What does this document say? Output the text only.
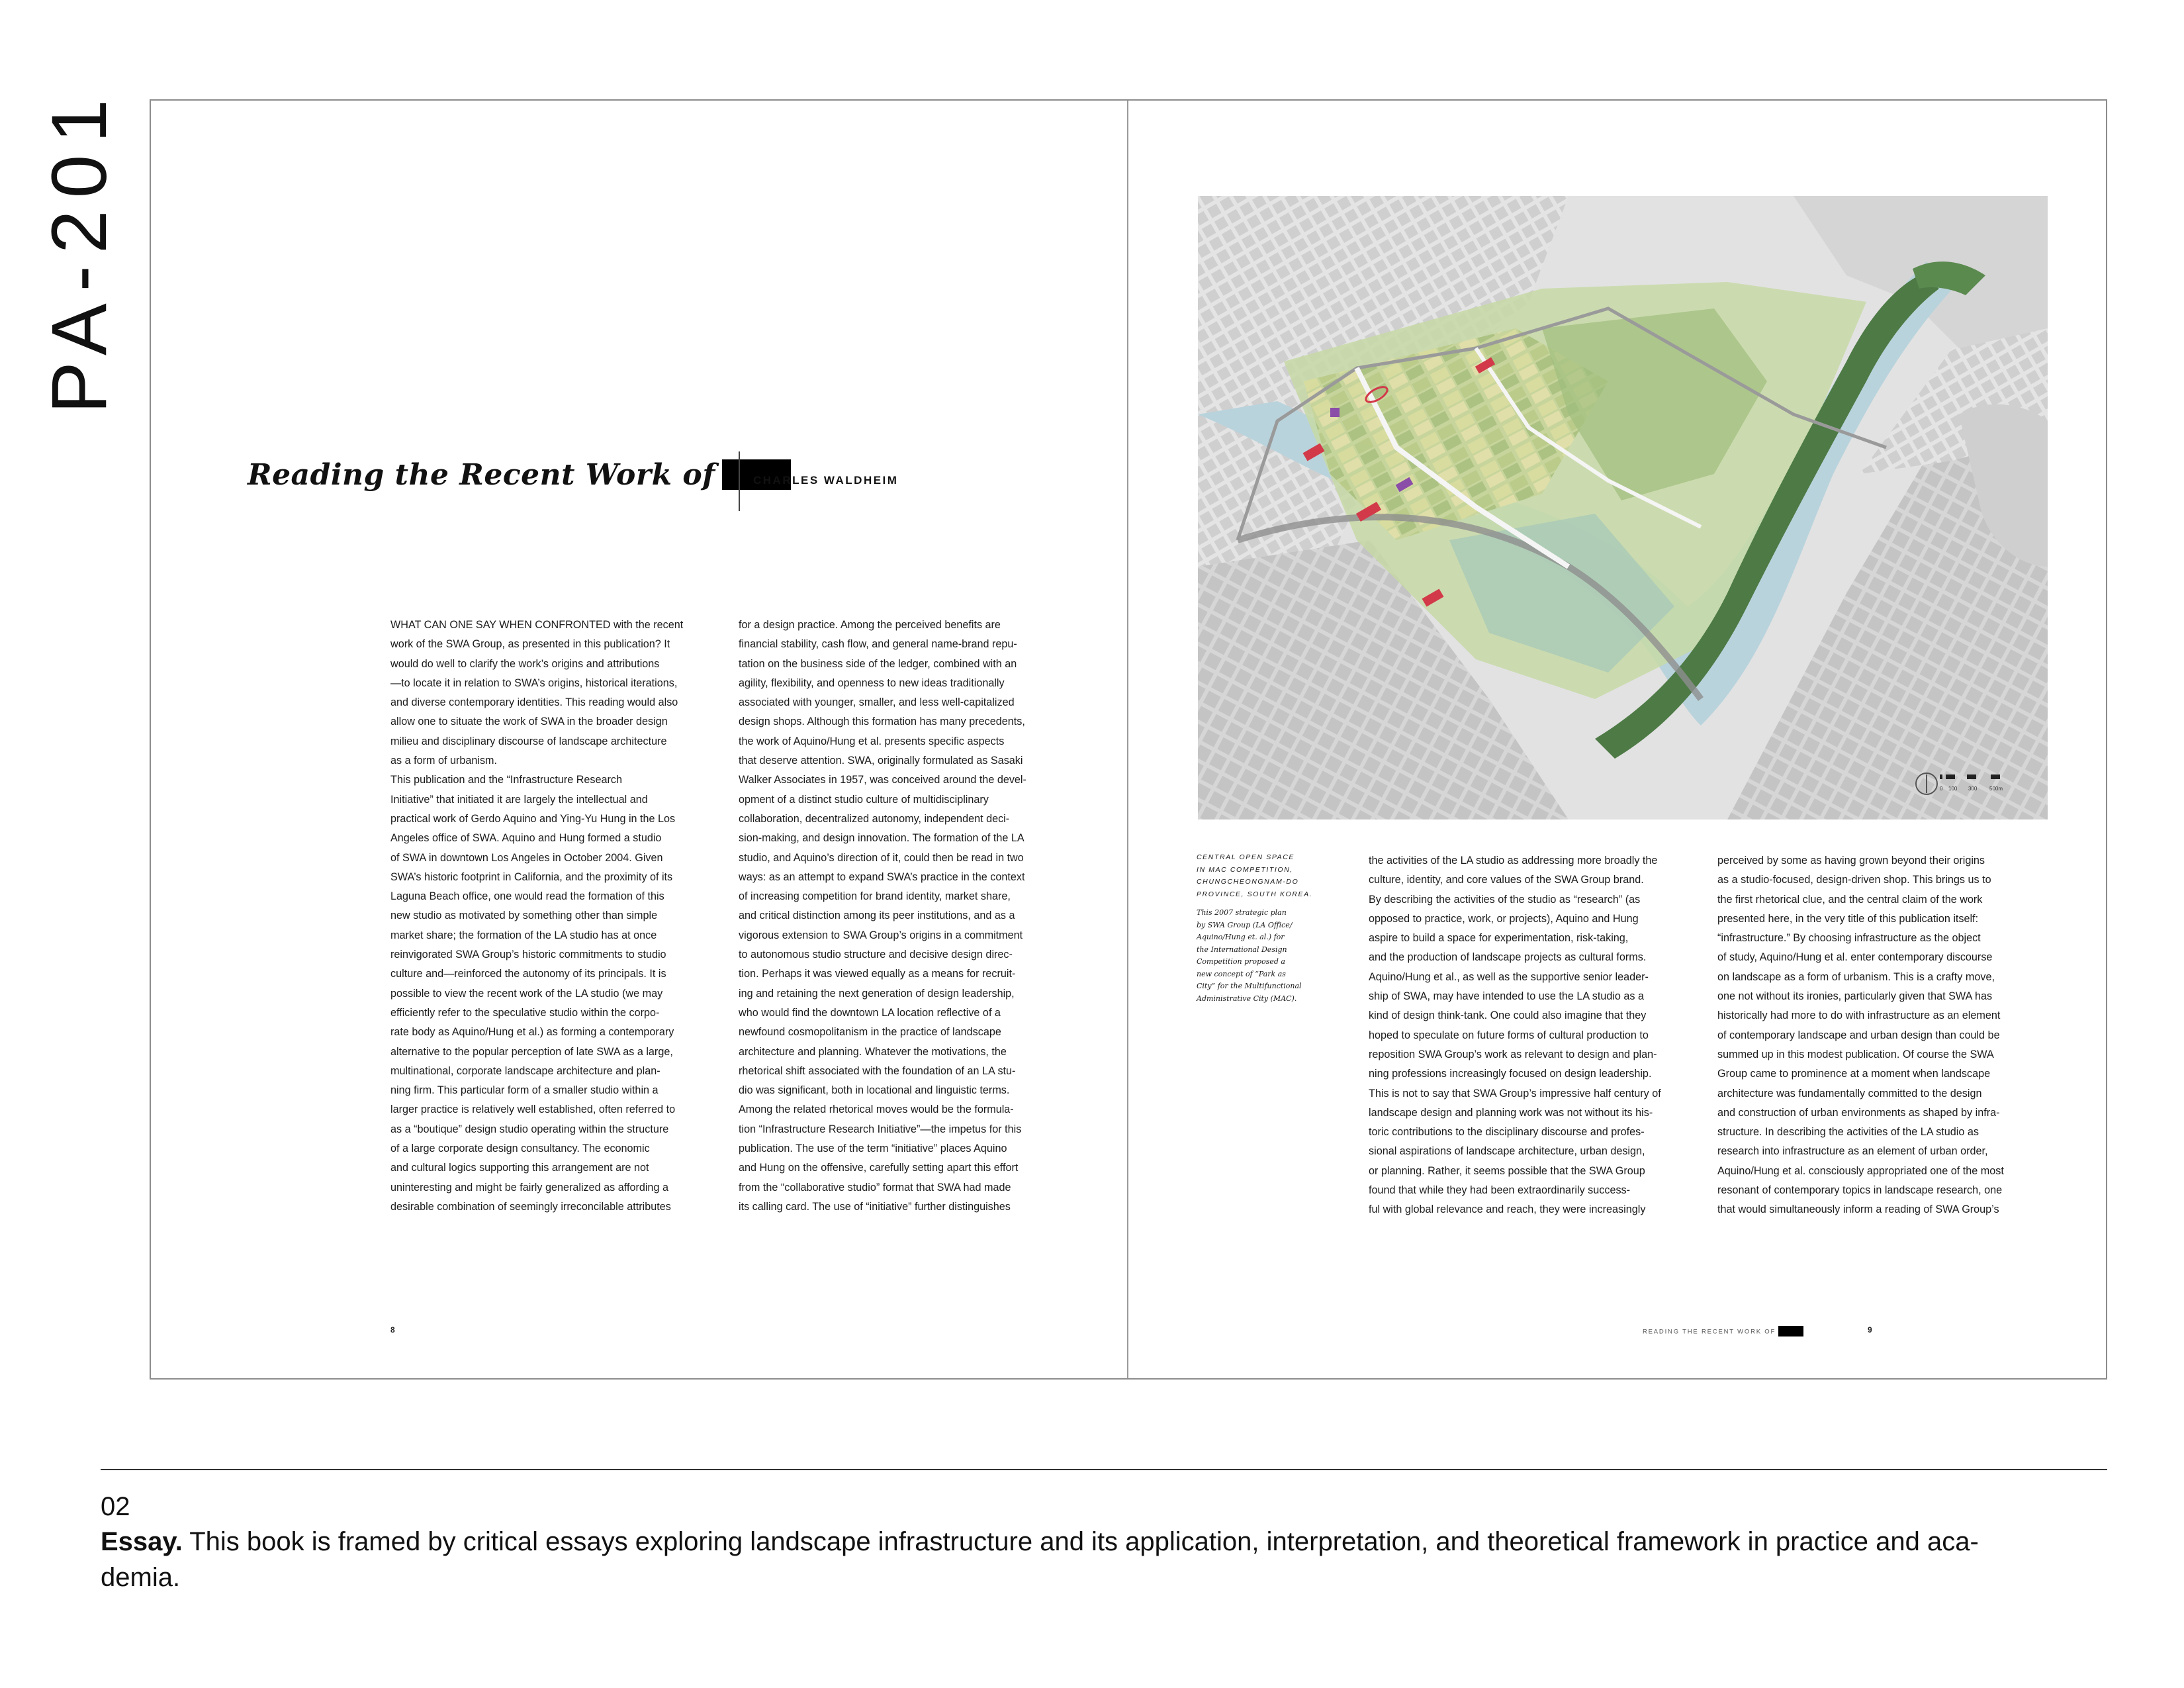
PA-201
Reading the Recent Work of	CHARLES WALDHEIM
WHAT CAN ONE SAY WHEN CONFRONTED with the recent
work of the SWA Group, as presented in this publication? It
would do well to clarify the work’s origins and attributions
—to locate it in relation to SWA’s origins, historical iterations,
and diverse contemporary identities. This reading would also
allow one to situate the work of SWA in the broader design
milieu and disciplinary discourse of landscape architecture
as a form of urbanism.
This publication and the “Infrastructure Research
Initiative” that initiated it are largely the intellectual and
practical work of Gerdo Aquino and Ying-Yu Hung in the Los
Angeles office of SWA. Aquino and Hung formed a studio
of SWA in downtown Los Angeles in October 2004. Given
SWA’s historic footprint in California, and the proximity of its
Laguna Beach office, one would read the formation of this
new studio as motivated by something other than simple
market share; the formation of the LA studio has at once
reinvigorated SWA Group’s historic commitments to studio
culture and—reinforced the autonomy of its principals. It is
possible to view the recent work of the LA studio (we may
efficiently refer to the speculative studio within the corpo-
rate body as Aquino/Hung et al.) as forming a contemporary
alternative to the popular perception of late SWA as a large,
multinational, corporate landscape architecture and plan-
ning firm. This particular form of a smaller studio within a
larger practice is relatively well established, often referred to
as a “boutique” design studio operating within the structure
of a large corporate design consultancy. The economic
and cultural logics supporting this arrangement are not
uninteresting and might be fairly generalized as affording a
desirable combination of seemingly irreconcilable attributes
for a design practice. Among the perceived benefits are
financial stability, cash flow, and general name-brand repu-
tation on the business side of the ledger, combined with an
agility, flexibility, and openness to new ideas traditionally
associated with younger, smaller, and less well-capitalized
design shops. Although this formation has many precedents,
the work of Aquino/Hung et al. presents specific aspects
that deserve attention. SWA, originally formulated as Sasaki
Walker Associates in 1957, was conceived around the devel-
opment of a distinct studio culture of multidisciplinary
collaboration, decentralized autonomy, independent deci-
sion-making, and design innovation. The formation of the LA
studio, and Aquino’s direction of it, could then be read in two
ways: as an attempt to expand SWA’s practice in the context
of increasing competition for brand identity, market share,
and critical distinction among its peer institutions, and as a
vigorous extension to SWA Group’s origins in a commitment
to autonomous studio structure and decisive design direc-
tion. Perhaps it was viewed equally as a means for recruit-
ing and retaining the next generation of design leadership,
who would find the downtown LA location reflective of a
newfound cosmopolitanism in the practice of landscape
architecture and planning. Whatever the motivations, the
rhetorical shift associated with the foundation of an LA stu-
dio was significant, both in locational and linguistic terms.
Among the related rhetorical moves would be the formula-
tion “Infrastructure Research Initiative”—the impetus for this
publication. The use of the term “initiative” places Aquino
and Hung on the offensive, carefully setting apart this effort
from the “collaborative studio” format that SWA had made
its calling card. The use of “initiative” further distinguishes
0 100 300 500m
CENTRAL OPEN SPACE
IN MAC COMPETITION,
CHUNGCHEONGNAM-DO
PROVINCE, SOUTH KOREA.
This 2007 strategic plan
by SWA Group (LA Office/
Aquino/Hung et. al.) for
the International Design
Competition proposed a
new concept of “Park as
City” for the Multifunctional
Administrative City (MAC).
the activities of the LA studio as addressing more broadly the
culture, identity, and core values of the SWA Group brand.
By describing the activities of the studio as “research” (as
opposed to practice, work, or projects), Aquino and Hung
aspire to build a space for experimentation, risk-taking,
and the production of landscape projects as cultural forms.
Aquino/Hung et al., as well as the supportive senior leader-
ship of SWA, may have intended to use the LA studio as a
kind of design think-tank. One could also imagine that they
hoped to speculate on future forms of cultural production to
reposition SWA Group’s work as relevant to design and plan-
ning professions increasingly focused on design leadership.
This is not to say that SWA Group’s impressive half century of
landscape design and planning work was not without its his-
toric contributions to the disciplinary discourse and profes-
sional aspirations of landscape architecture, urban design,
or planning. Rather, it seems possible that the SWA Group
found that while they had been extraordinarily success-
ful with global relevance and reach, they were increasingly
perceived by some as having grown beyond their origins
as a studio-focused, design-driven shop. This brings us to
the first rhetorical clue, and the central claim of the work
presented here, in the very title of this publication itself:
“infrastructure.” By choosing infrastructure as the object
of study, Aquino/Hung et al. enter contemporary discourse
on landscape as a form of urbanism. This is a crafty move,
one not without its ironies, particularly given that SWA has
historically had more to do with infrastructure as an element
of contemporary landscape and urban design than could be
summed up in this modest publication. Of course the SWA
Group came to prominence at a moment when landscape
architecture was fundamentally committed to the design
and construction of urban environments as shaped by infra-
structure. In describing the activities of the LA studio as
research into infrastructure as an element of urban order,
Aquino/Hung et al. consciously appropriated one of the most
resonant of contemporary topics in landscape research, one
that would simultaneously inform a reading of SWA Group’s
8	READING THE RECENT WORK OF	9
02
Essay. This book is framed by critical essays exploring landscape infrastructure and its application, interpretation, and theoretical framework in practice and aca-
demia.
